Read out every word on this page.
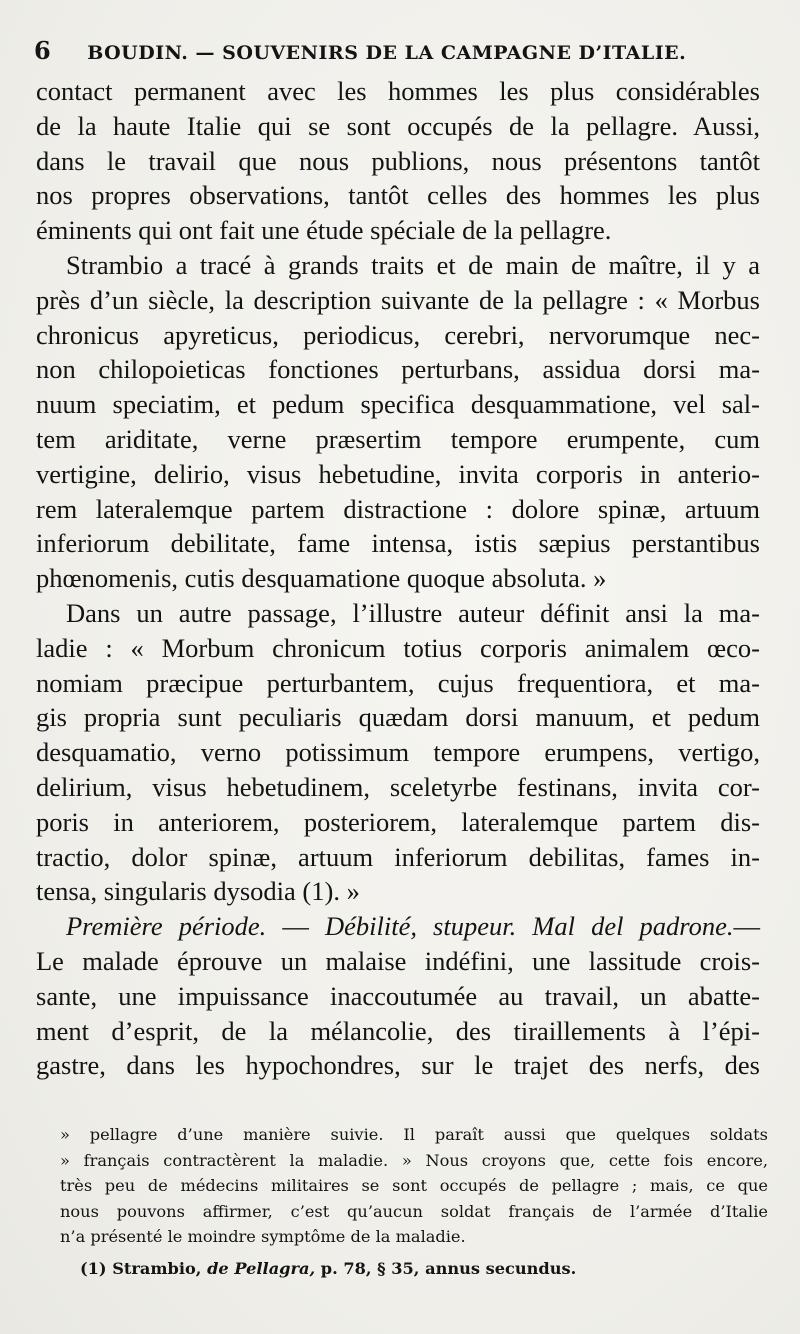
6 BOUDIN. — SOUVENIRS DE LA CAMPAGNE D’ITALIE.
contact permanent avec les hommes les plus considérables
de la haute Italie qui se sont occupés de la pellagre. Aussi,
dans le travail que nous publions, nous présentons tantôt
nos propres observations, tantôt celles des hommes les plus
éminents qui ont fait une étude spéciale de la pellagre.
Strambio a tracé à grands traits et de main de maître, il y a
près d’un siècle, la description suivante de la pellagre : « Morbus
chronicus apyreticus, periodicus, cerebri, nervorumque nec-
non chilopoieticas fonctiones perturbans, assidua dorsi ma-
nuum speciatim, et pedum specifica desquammatione, vel sal-
tem ariditate, verne præsertim tempore erumpente, cum
vertigine, delirio, visus hebetudine, invita corporis in anterio-
rem lateralemque partem distractione : dolore spinæ, artuum
inferiorum debilitate, fame intensa, istis sæpius perstantibus
phœnomenis, cutis desquamatione quoque absoluta. »
Dans un autre passage, l’illustre auteur définit ansi la ma-
ladie : « Morbum chronicum totius corporis animalem œco-
nomiam præcipue perturbantem, cujus frequentiora, et ma-
gis propria sunt peculiaris quædam dorsi manuum, et pedum
desquamatio, verno potissimum tempore erumpens, vertigo,
delirium, visus hebetudinem, sceletyrbe festinans, invita cor-
poris in anteriorem, posteriorem, lateralemque partem dis-
tractio, dolor spinæ, artuum inferiorum debilitas, fames in-
tensa, singularis dysodia (1). »
Première période. — Débilité, stupeur. Mal del padrone.—
Le malade éprouve un malaise indéfini, une lassitude crois-
sante, une impuissance inaccoutumée au travail, un abatte-
ment d’esprit, de la mélancolie, des tiraillements à l’épi-
gastre, dans les hypochondres, sur le trajet des nerfs, des
» pellagre d’une manière suivie. Il paraît aussi que quelques soldats
» français contractèrent la maladie. » Nous croyons que, cette fois encore,
très peu de médecins militaires se sont occupés de pellagre ; mais, ce que
nous pouvons affirmer, c’est qu’aucun soldat français de l’armée d’Italie
n’a présenté le moindre symptôme de la maladie.
(1) Strambio, de Pellagra, p. 78, § 35, annus secundus.
